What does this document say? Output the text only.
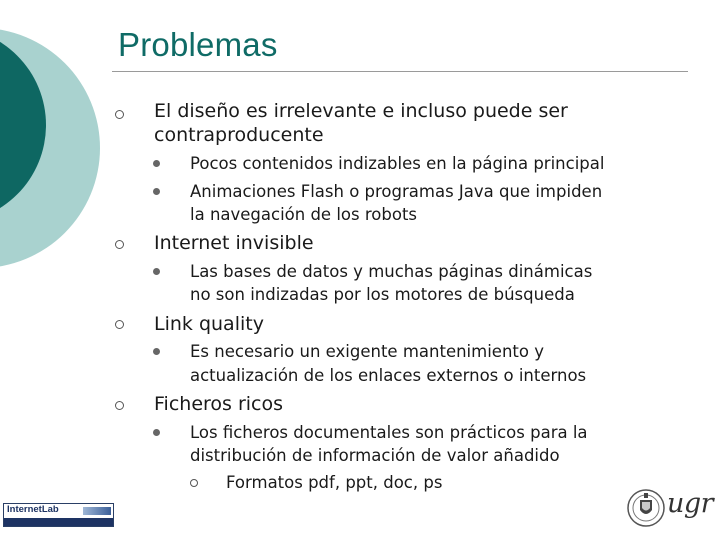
Problemas

El diseño es irrelevante e incluso puede ser

contraproducente

Pocos contenidos indizables en la página principal

Animaciones Flash o programas Java que impiden

la navegación de los robots

Internet invisible

Las bases de datos y muchas páginas dinámicas

no son indizadas por los motores de búsqueda

Link quality

Es necesario un exigente mantenimiento y

actualización de los enlaces externos o internos

Ficheros ricos

Los ficheros documentales son prácticos para la

distribución de información de valor añadido

Formatos pdf, ppt, doc, ps

InternetLab	ugr
